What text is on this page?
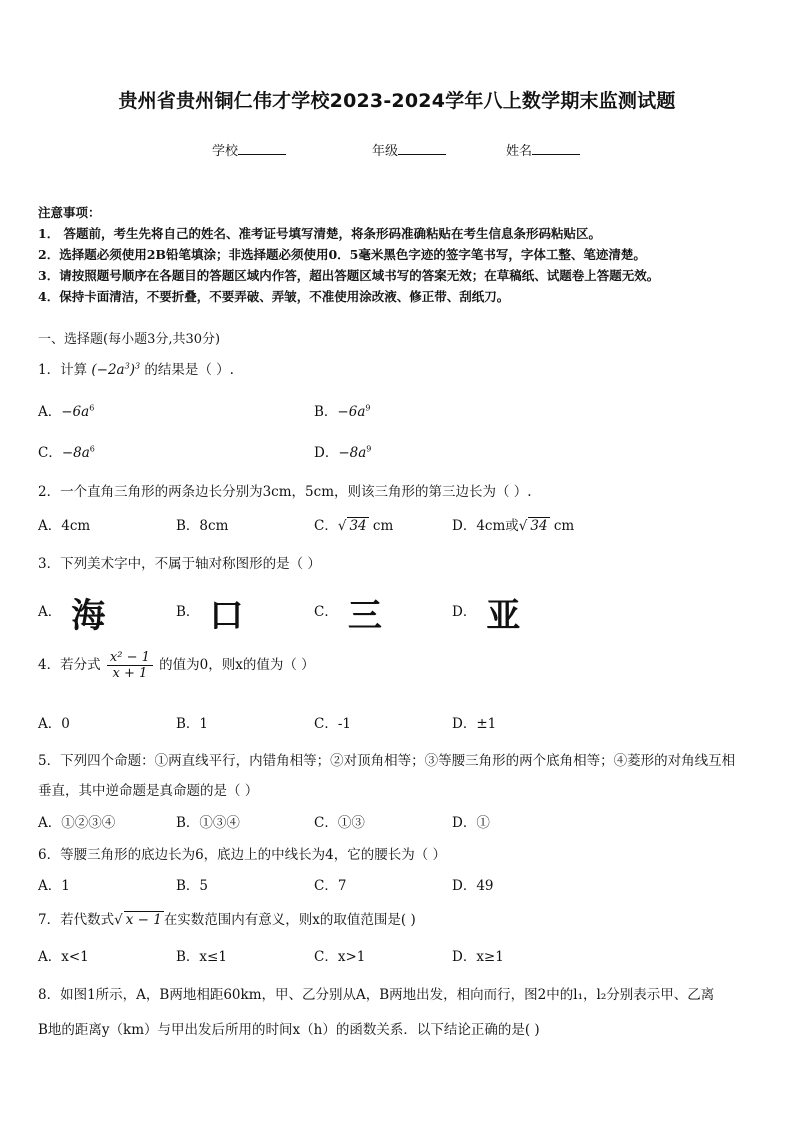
贵州省贵州铜仁伟才学校2023-2024学年八上数学期末监测试题
学校	年级	姓名
注意事项：
1． 答题前，考生先将自己的姓名、准考证号填写清楚，将条形码准确粘贴在考生信息条形码粘贴区。
2．选择题必须使用2B铅笔填涂；非选择题必须使用0．5毫米黑色字迹的签字笔书写，字体工整、笔迹清楚。
3．请按照题号顺序在各题目的答题区域内作答，超出答题区域书写的答案无效；在草稿纸、试题卷上答题无效。
4．保持卡面清洁，不要折叠，不要弄破、弄皱，不准使用涂改液、修正带、刮纸刀。
一、选择题(每小题3分,共30分)
1．计算 $(-2a^3)^3$ 的结果是（ ）.
A．$-6a^6$	B．$-6a^9$
C．$-8a^6$	D．$-8a^9$
2．一个直角三角形的两条边长分别为3cm，5cm，则该三角形的第三边长为（ ）.
A．4cm	B．8cm	C．√ 34 cm	D．4cm或√ 34 cm
3．下列美术字中，不属于轴对称图形的是（ ）
A． 海	B． 口	C． 三	D． 亚
4．若分式 $\frac{\text{x² − 1}}{x + 1}$ 的值为0，则x的值为（ ）
A．0	B．1	C．-1	D．±1
5．下列四个命题：①两直线平行，内错角相等；②对顶角相等；③等腰三角形的两个底角相等；④菱形的对角线互相
垂直，其中逆命题是真命题的是（ ）
A．①②③④	B．①③④	C．①③	D．①
6．等腰三角形的底边长为6，底边上的中线长为4，它的腰长为（ ）
A．1	B．5	C．7	D．49
7．若代数式√ x − 1 在实数范围内有意义，则x的取值范围是( )
A．x<1	B．x≤1	C．x>1	D．x≥1
8．如图1所示，A，B两地相距60km，甲、乙分别从A，B两地出发，相向而行，图2中的l₁，l₂分别表示甲、乙离
B地的距离y（km）与甲出发后所用的时间x（h）的函数关系．以下结论正确的是( )
